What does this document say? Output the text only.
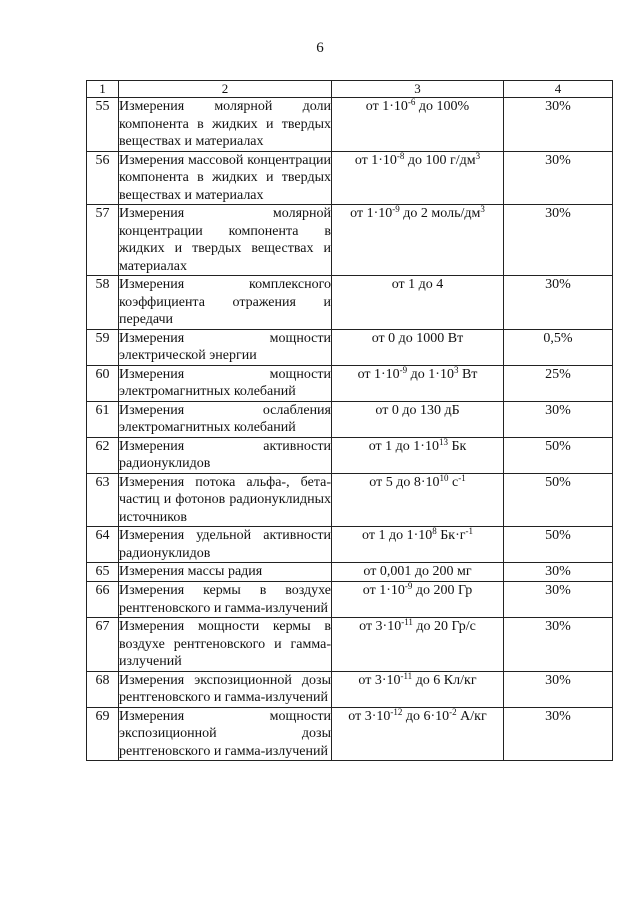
6
1	2	3	4
55	Измерения молярной доли компонента в жидких и твердых веществах и материалах	от $1\cdot 10^{-6}$ до 100%	30%
56	Измерения массовой концентрации компонента в жидких и твердых веществах и материалах	от $1\cdot 10^{-8}$ до 100 $г/дм^3$	30%
57	Измерения молярной концентрации компонента в жидких и твердых веществах и материалах	от $1\cdot 10^{-9}$ до 2 моль/$дм^3$	30%
58	Измерения комплексного коэффициента отражения и передачи	от 1 до 4	30%
59	Измерения мощности электрической энергии	от 0 до 1000 Вт	0,5%
60	Измерения мощности электромагнитных колебаний	от $1\cdot 10^{-9}$ до $1\cdot 10^3$ Вт	25%
61	Измерения ослабления электромагнитных колебаний	от 0 до 130 дБ	30%
62	Измерения активности радионуклидов	от 1 до $1\cdot 10^{13}$ Бк	50%
63	Измерения потока альфа-, бета-частиц и фотонов радионуклидных источников	от 5 до $8\cdot 10^{10}$ $с^{-1}$	50%
64	Измерения удельной активности радионуклидов	от 1 до $1\cdot 10^8$ $Бк\cdot г^{-1}$	50%
65	Измерения массы радия	от 0,001 до 200 мг	30%
66	Измерения кермы в воздухе рентгеновского и гамма-излучений	от $1\cdot 10^{-9}$ до 200 Гр	30%
67	Измерения мощности кермы в воздухе рентгеновского и гамма-излучений	от $3\cdot 10^{-11}$ до 20 Гр/с	30%
68	Измерения экспозиционной дозы рентгеновского и гамма-излучений	от $3\cdot 10^{-11}$ до 6 Кл/кг	30%
69	Измерения мощности экспозиционной дозы рентгеновского и гамма-излучений	от $3\cdot 10^{-12}$ до $6\cdot 10^{-2}$ А/кг	30%
